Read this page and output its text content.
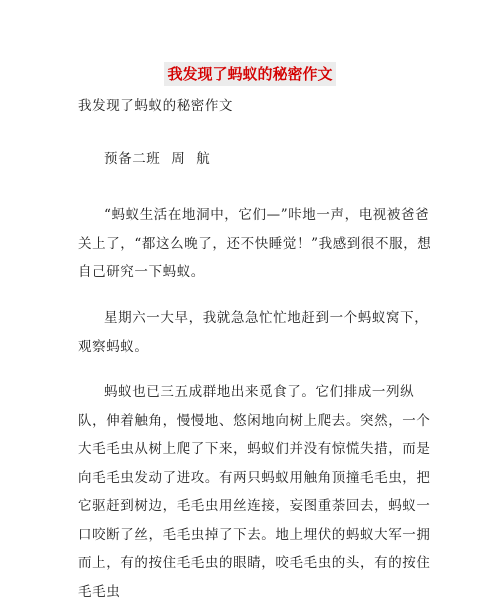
我发现了蚂蚁的秘密作文

我发现了蚂蚁的秘密作文

预备二班 周 航

“蚂蚁生活在地洞中，它们—”咔地一声，电视被爸爸关上了，“都这么晚了，还不快睡觉！”我感到很不服，想自己研究一下蚂蚁。

星期六一大早，我就急急忙忙地赶到一个蚂蚁窝下，观察蚂蚁。

蚂蚁也已三五成群地出来觅食了。它们排成一列纵队，伸着触角，慢慢地、悠闲地向树上爬去。突然，一个大毛毛虫从树上爬了下来，蚂蚁们并没有惊慌失措，而是向毛毛虫发动了进攻。有两只蚂蚁用触角顶撞毛毛虫，把它驱赶到树边，毛毛虫用丝连接，妄图重荼回去，蚂蚁一口咬断了丝，毛毛虫掉了下去。地上埋伏的蚂蚁大军一拥而上，有的按住毛毛虫的眼睛，咬毛毛虫的头，有的按住毛毛虫
